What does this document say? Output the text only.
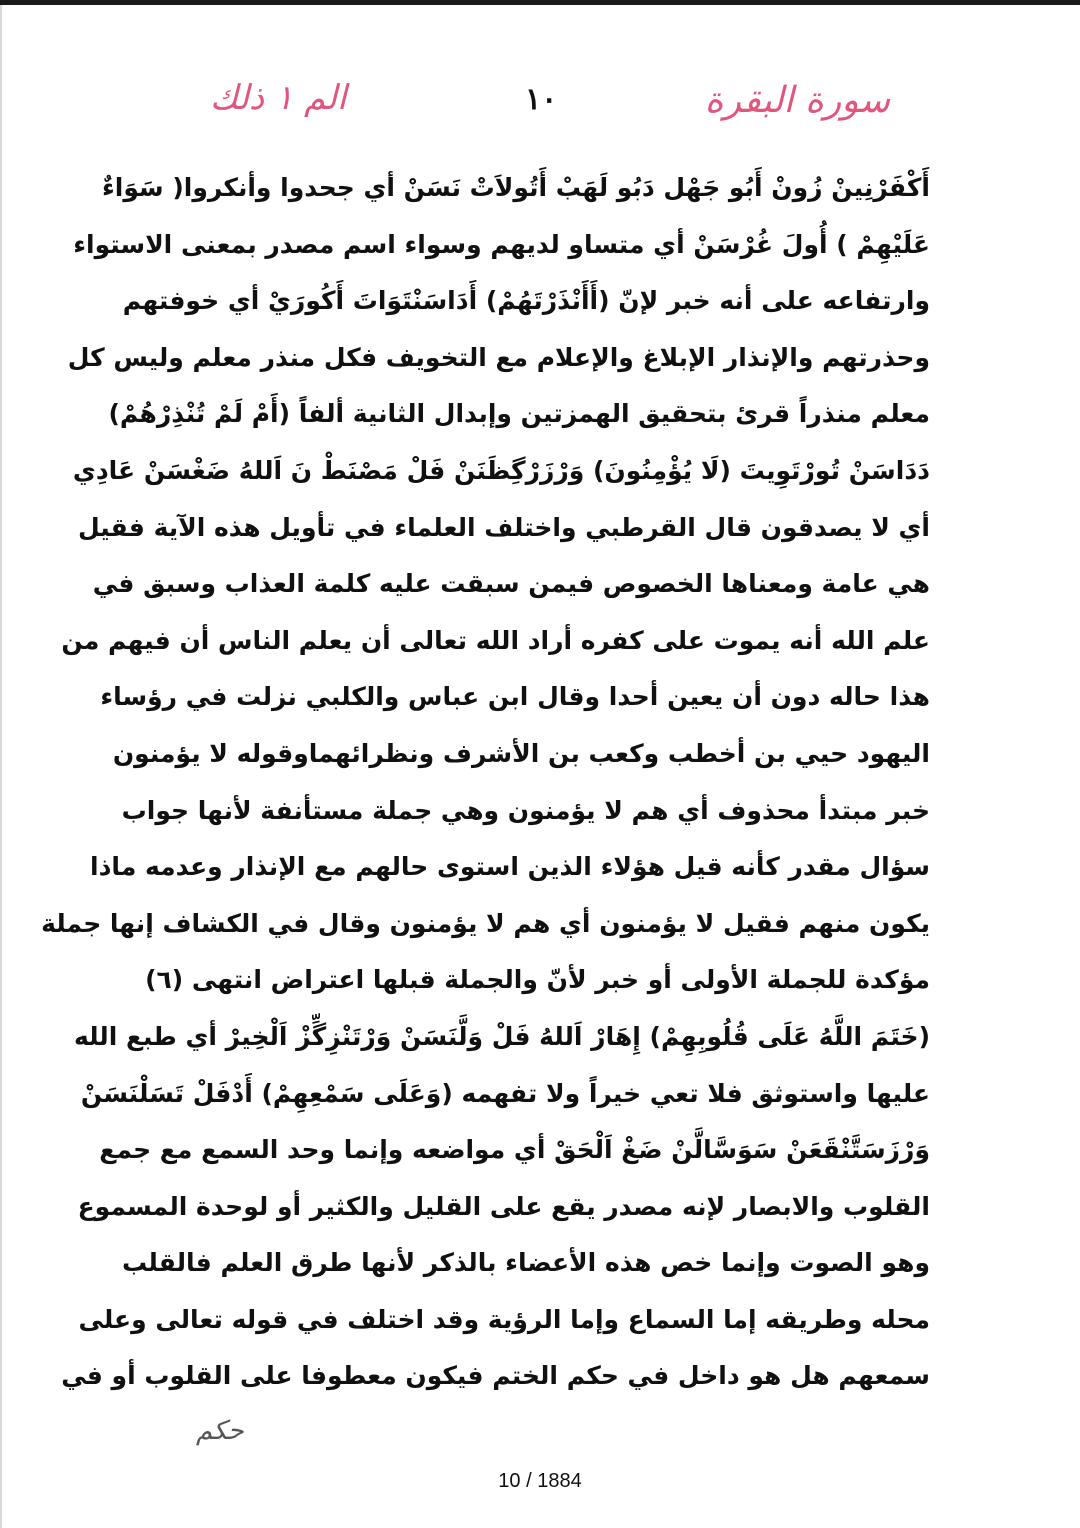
الم ١ ذلك	١٠	سورة البقرة
أَكْفَرْنِينْ زُونْ أَبُو جَهْل دَبُو لَهَبْ أَتُولاَتْ نَسَنْ أي جحدوا وأنكروا( سَوَاءٌ
عَلَيْهِمْ ) أُولَ غُرْسَنْ أي متساو لديهم وسواء اسم مصدر بمعنى الاستواء
وارتفاعه على أنه خبر لإنّ (أَأَنْذَرْتَهُمْ) أَدَاسَنْتَوَاتَ أَكُورَيْ أي خوفتهم
وحذرتهم والإنذار الإبلاغ والإعلام مع التخويف فكل منذر معلم وليس كل
معلم منذراً قرئ بتحقيق الهمزتين وإبدال الثانية ألفاً (أَمْ لَمْ تُنْذِرْهُمْ)
دَدَاسَنْ تُورْتَوِيتَ (لَا يُؤْمِنُونَ) وَرْزَرْگِظَنَنْ فَلْ مَصْنَطْ نَ اَللهُ ضَغْسَنْ عَادِي
أي لا يصدقون قال القرطبي واختلف العلماء في تأويل هذه الآية فقيل
هي عامة ومعناها الخصوص فيمن سبقت عليه كلمة العذاب وسبق في
علم الله أنه يموت على كفره أراد الله تعالى أن يعلم الناس أن فيهم من
هذا حاله دون أن يعين أحدا وقال ابن عباس والكلبي نزلت في رؤساء
اليهود حيي بن أخطب وكعب بن الأشرف ونظرائهماوقوله لا يؤمنون
خبر مبتدأ محذوف أي هم لا يؤمنون وهي جملة مستأنفة لأنها جواب
سؤال مقدر كأنه قيل هؤلاء الذين استوى حالهم مع الإنذار وعدمه ماذا
يكون منهم فقيل لا يؤمنون أي هم لا يؤمنون وقال في الكشاف إنها جملة
مؤكدة للجملة الأولى أو خبر لأنّ والجملة قبلها اعتراض انتهى (٦)
(خَتَمَ اللَّهُ عَلَى قُلُوبِهِمْ) إِهَارْ اَللهُ فَلْ وَلَّنَسَنْ وَرْتَنْزِگِّزْ اَلْخِيرْ أي طبع الله
عليها واستوثق فلا تعي خيراً ولا تفهمه (وَعَلَى سَمْعِهِمْ) أَدْفَلْ تَسَلْنَسَنْ
وَرْزَسَتَّنْقَعَنْ سَوَسَّالَّنْ ضَغْ اَلْحَقْ أي مواضعه وإنما وحد السمع مع جمع
القلوب والابصار لإنه مصدر يقع على القليل والكثير أو لوحدة المسموع
وهو الصوت وإنما خص هذه الأعضاء بالذكر لأنها طرق العلم فالقلب
محله وطريقه إما السماع وإما الرؤية وقد اختلف في قوله تعالى وعلى
سمعهم هل هو داخل في حكم الختم فيكون معطوفا على القلوب أو في
حكم
10 / 1884
